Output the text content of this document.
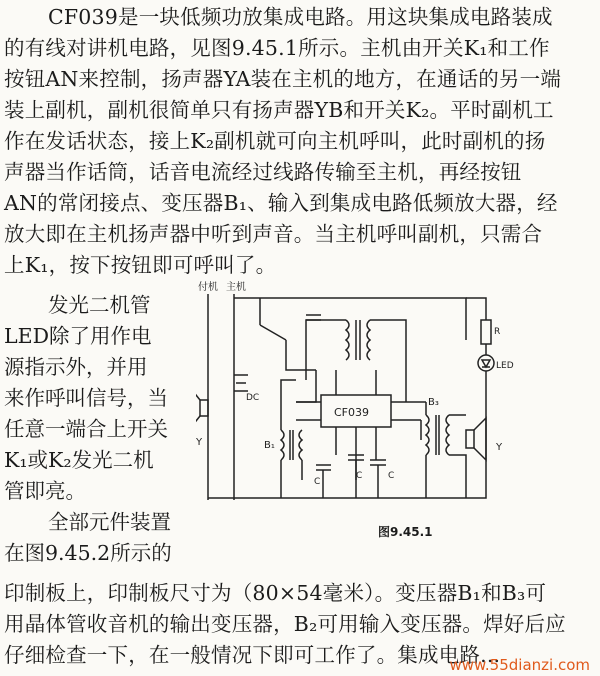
CF039是一块低频功放集成电路。用这块集成电路装成
的有线对讲机电路，见图9.45.1所示。主机由开关K₁和工作
按钮AN来控制，扬声器YA装在主机的地方，在通话的另一端
装上副机，副机很简单只有扬声器YB和开关K₂。平时副机工
作在发话状态，接上K₂副机就可向主机呼叫，此时副机的扬
声器当作话筒，话音电流经过线路传输至主机，再经按钮
AN的常闭接点、变压器B₁、输入到集成电路低频放大器，经
放大即在主机扬声器中听到声音。当主机呼叫副机，只需合
上K₁，按下按钮即可呼叫了。
发光二机管
LED除了用作电
源指示外，并用
来作呼叫信号，当
任意一端合上开关
K₁或K₂发光二机
管即亮。
全部元件装置
在图9.45.2所示的
付机 主机
Y
DC
CF039
B₁
C
C	C
B₃
Y
R
LED
图9.45.1
印制板上，印制板尺寸为（80×54毫米）。变压器B₁和B₃可
用晶体管收音机的输出变压器，B₂可用输入变压器。焊好后应
仔细检查一下，在一般情况下即可工作了。集成电路...
www.55dianzi.com
